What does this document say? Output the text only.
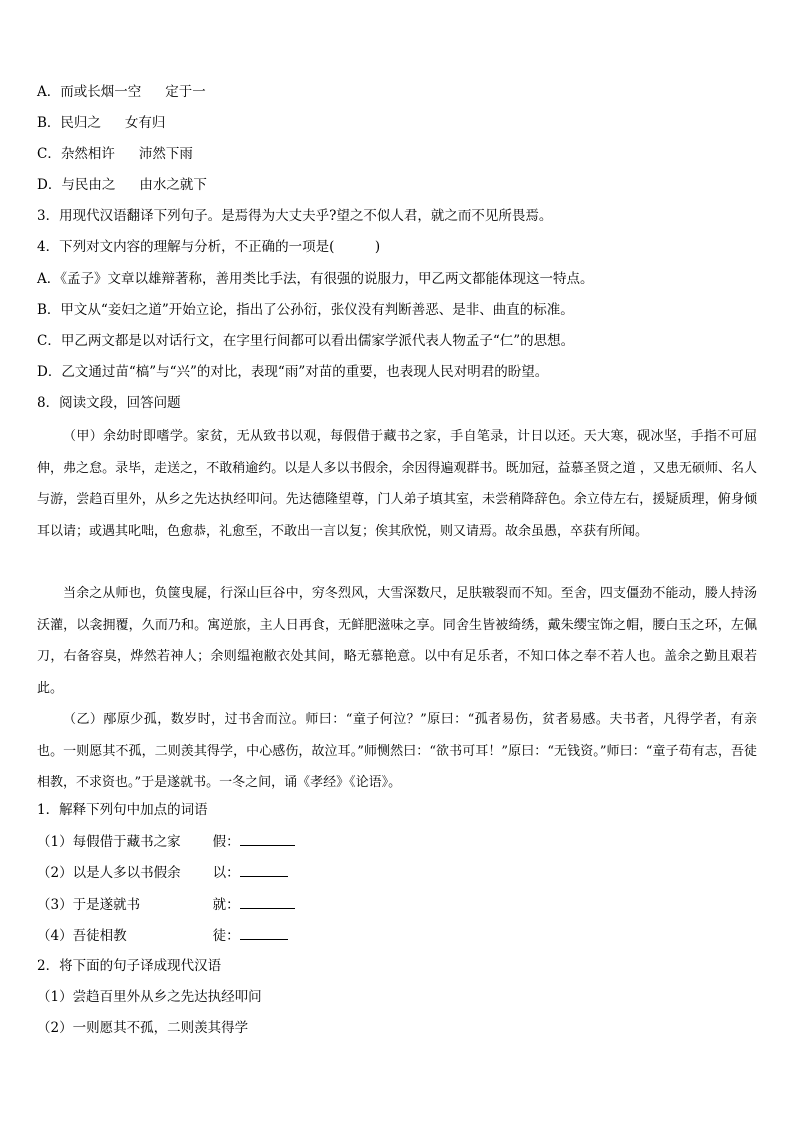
A．而或长烟一空 定于一
B．民归之 女有归
C．杂然相许 沛然下雨
D．与民由之 由水之就下
3．用现代汉语翻译下列句子。是焉得为大丈夫乎?望之不似人君，就之而不见所畏焉。
4．下列对文内容的理解与分析，不正确的一项是(　　　)
A．《孟子》文章以雄辩著称，善用类比手法，有很强的说服力，甲乙两文都能体现这一特点。
B．甲文从“妾妇之道”开始立论，指出了公孙衍，张仪没有判断善恶、是非、曲直的标准。
C．甲乙两文都是以对话行文，在字里行间都可以看出儒家学派代表人物孟子“仁”的思想。
D．乙文通过苗“槁”与“兴”的对比，表现“雨”对苗的重要，也表现人民对明君的盼望。
8．阅读文段，回答问题
（甲）余幼时即嗜学。家贫，无从致书以观，每假借于藏书之家，手自笔录，计日以还。天大寒，砚冰坚，手指不可屈伸，弗之怠。录毕，走送之，不敢稍逾约。以是人多以书假余，余因得遍观群书。既加冠，益慕圣贤之道 ，又患无硕师、名人与游，尝趋百里外，从乡之先达执经叩问。先达德隆望尊，门人弟子填其室，未尝稍降辞色。余立侍左右，援疑质理，俯身倾耳以请；或遇其叱咄，色愈恭，礼愈至，不敢出一言以复；俟其欣悦，则又请焉。故余虽愚，卒获有所闻。
当余之从师也，负箧曳屣，行深山巨谷中，穷冬烈风，大雪深数尺，足肤皲裂而不知。至舍，四支僵劲不能动，媵人持汤沃灌，以衾拥覆，久而乃和。寓逆旅，主人日再食，无鲜肥滋味之享。同舍生皆被绮绣，戴朱缨宝饰之帽，腰白玉之环，左佩刀，右备容臭，烨然若神人；余则缊袍敝衣处其间，略无慕艳意。以中有足乐者，不知口体之奉不若人也。盖余之勤且艰若此。
（乙）邴原少孤，数岁时，过书舍而泣。师曰：“童子何泣？”原曰：“孤者易伤，贫者易感。夫书者，凡得学者，有亲也。一则愿其不孤，二则羡其得学，中心感伤，故泣耳。”师恻然曰：“欲书可耳！”原曰：“无钱资。”师曰：“童子苟有志，吾徒相教，不求资也。”于是遂就书。一冬之间，诵《孝经》《论语》。
1．解释下列句中加点的词语
（1）每假借于藏书之家 假：
（2）以是人多以书假余 以：
（3）于是遂就书	就：
（4）吾徒相教	徒：
2．将下面的句子译成现代汉语
（1）尝趋百里外从乡之先达执经叩问
（2）一则愿其不孤，二则羡其得学
